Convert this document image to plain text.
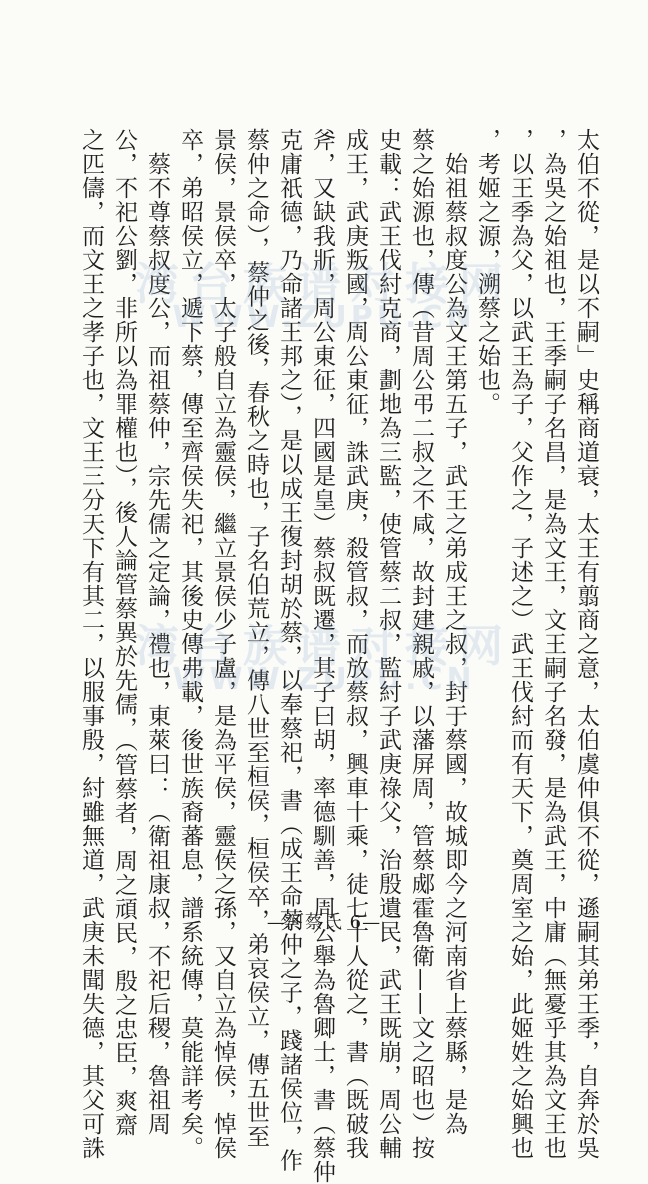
太伯不從，是以不嗣」史稱商道衰，太王有翦商之意，太伯虞仲俱不從，遜嗣其弟王季，自奔於吳
，為吳之始祖也，王季嗣子名昌，是為文王，文王嗣子名發，是為武王，中庸（無憂乎其為文王也
，以王季為父，以武王為子，父作之，子述之）武王伐紂而有天下，奠周室之始，此姬姓之始興也
，考姬之源，溯蔡之始也。
始祖蔡叔度公為文王第五子，武王之弟成王之叔，封于蔡國，故城即今之河南省上蔡縣，是為
蔡之始源也，傳（昔周公弔二叔之不咸，故封建親戚，以藩屏周，管蔡郕霍魯衛——文之昭也）按
史載：武王伐紂克商，劃地為三監，使管蔡二叔，監紂子武庚祿父，治殷遺民，武王既崩，周公輔
成王，武庚叛國，周公東征，誅武庚，殺管叔，而放蔡叔，興車十乘，徒七十人從之，書（既破我
斧，又缺我斨，周公東征，四國是皇）蔡叔既遷，其子曰胡，率德馴善，周公舉為魯卿士，書（蔡仲
克庸祇德，乃命諸王邦之），是以成王復封胡於蔡，以奉蔡祀，書（成王命蔡仲之子，踐諸侯位，作
蔡仲之命），蔡仲之後，春秋之時也，子名伯荒立，傳八世至桓侯，桓侯卒，弟哀侯立，傳五世至
景侯，景侯卒，太子般自立為靈侯，繼立景侯少子盧，是為平侯，靈侯之孫，又自立為悼侯，悼侯
卒，弟昭侯立，遞下蔡，傳至齊侯失祀，其後史傳弗載，後世族裔蕃息，譜系統傳，莫能詳考矣。
蔡不尊蔡叔度公，而祖蔡仲，宗先儒之定論，禮也，東萊曰：（衛祖康叔，不祀后稷，魯祖周
公，不祀公劉，非所以為罪權也），後人論管蔡異於先儒，（管蔡者，周之頑民，殷之忠臣，爽齋
之匹儔，而文王之孝子也，文王三分天下有其二，以服事殷，紂雖無道，武庚未聞失德，其父可誅 湾台族谱对接网
WWW.ZUPU.CN
湾台族谱对接网
WWW.ZUPU.CN
—河蔡氏 6—
